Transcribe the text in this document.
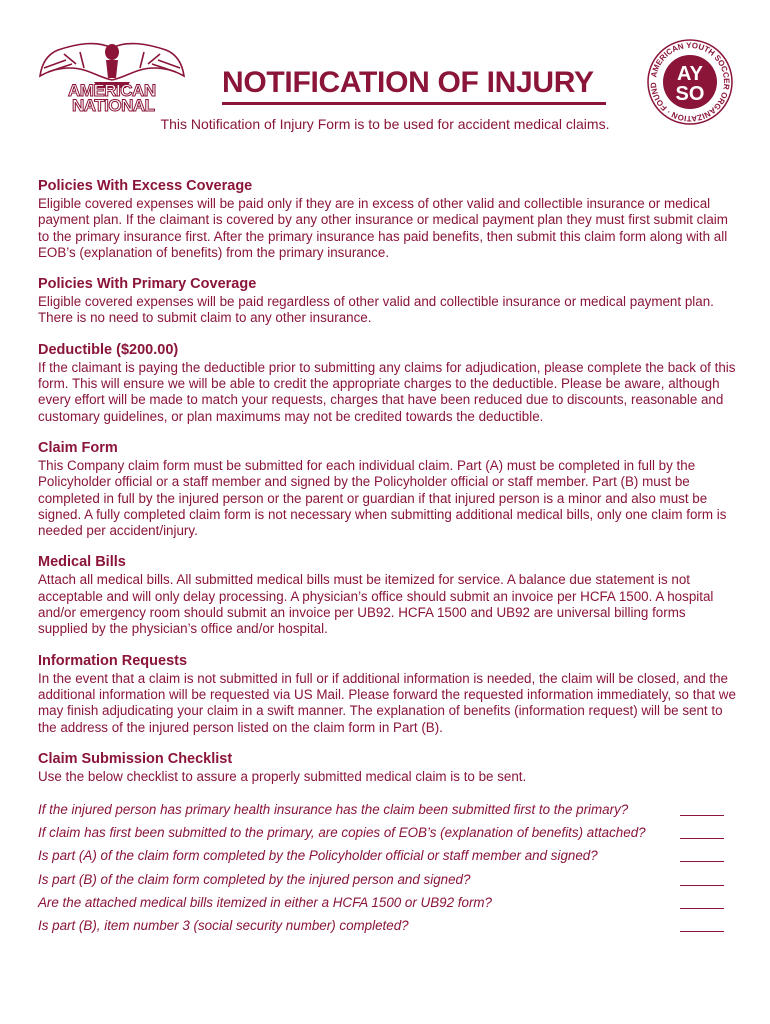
AMERICAN
NATIONAL
NOTIFICATION OF INJURY
This Notification of Injury Form is to be used for accident medical claims.
AMERICAN YOUTH SOCCER ORGANIZATION · FOUND
AY
SO
Policies With Excess Coverage

Eligible covered expenses will be paid only if they are in excess of other valid and collectible insurance or medical payment plan. If the claimant is covered by any other insurance or medical payment plan they must first submit claim to the primary insurance first. After the primary insurance has paid benefits, then submit this claim form along with all EOB’s (explanation of benefits) from the primary insurance.

Policies With Primary Coverage

Eligible covered expenses will be paid regardless of other valid and collectible insurance or medical payment plan. There is no need to submit claim to any other insurance.

Deductible ($200.00)

If the claimant is paying the deductible prior to submitting any claims for adjudication, please complete the back of this form. This will ensure we will be able to credit the appropriate charges to the deductible. Please be aware, although every effort will be made to match your requests, charges that have been reduced due to discounts, reasonable and customary guidelines, or plan maximums may not be credited towards the deductible.

Claim Form

This Company claim form must be submitted for each individual claim. Part (A) must be completed in full by the Policyholder official or a staff member and signed by the Policyholder official or staff member. Part (B) must be completed in full by the injured person or the parent or guardian if that injured person is a minor and also must be signed. A fully completed claim form is not necessary when submitting additional medical bills, only one claim form is needed per accident/injury.

Medical Bills

Attach all medical bills. All submitted medical bills must be itemized for service. A balance due statement is not acceptable and will only delay processing. A physician’s office should submit an invoice per HCFA 1500. A hospital and/or emergency room should submit an invoice per UB92. HCFA 1500 and UB92 are universal billing forms supplied by the physician’s office and/or hospital.

Information Requests

In the event that a claim is not submitted in full or if additional information is needed, the claim will be closed, and the additional information will be requested via US Mail. Please forward the requested information immediately, so that we may finish adjudicating your claim in a swift manner. The explanation of benefits (information request) will be sent to the address of the injured person listed on the claim form in Part (B).

Claim Submission Checklist

Use the below checklist to assure a properly submitted medical claim is to be sent.

If the injured person has primary health insurance has the claim been submitted first to the primary?
If claim has first been submitted to the primary, are copies of EOB’s (explanation of benefits) attached?
Is part (A) of the claim form completed by the Policyholder official or staff member and signed?
Is part (B) of the claim form completed by the injured person and signed?
Are the attached medical bills itemized in either a HCFA 1500 or UB92 form?
Is part (B), item number 3 (social security number) completed?
